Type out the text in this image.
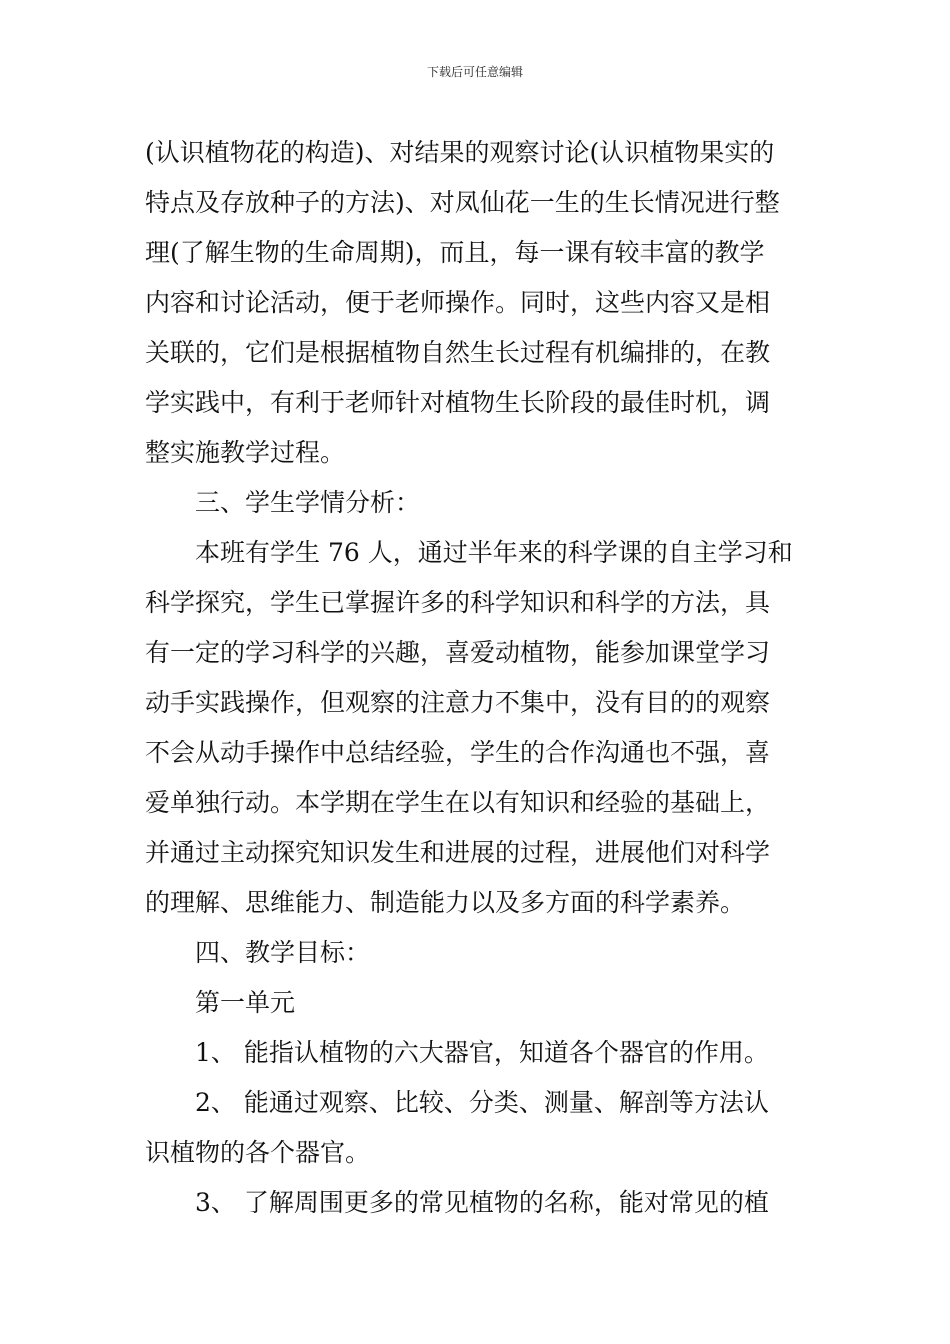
下载后可任意编辑
(认识植物花的构造)、对结果的观察讨论(认识植物果实的
特点及存放种子的方法)、对凤仙花一生的生长情况进行整
理(了解生物的生命周期)，而且，每一课有较丰富的教学
内容和讨论活动，便于老师操作。同时，这些内容又是相
关联的，它们是根据植物自然生长过程有机编排的，在教
学实践中，有利于老师针对植物生长阶段的最佳时机，调
整实施教学过程。
三、学生学情分析：
本班有学生 76 人，通过半年来的科学课的自主学习和
科学探究，学生已掌握许多的科学知识和科学的方法，具
有一定的学习科学的兴趣，喜爱动植物，能参加课堂学习
动手实践操作，但观察的注意力不集中，没有目的的观察
不会从动手操作中总结经验，学生的合作沟通也不强，喜
爱单独行动。本学期在学生在以有知识和经验的基础上，
并通过主动探究知识发生和进展的过程，进展他们对科学
的理解、思维能力、制造能力以及多方面的科学素养。
四、教学目标：
第一单元
1、 能指认植物的六大器官，知道各个器官的作用。
2、 能通过观察、比较、分类、测量、解剖等方法认
识植物的各个器官。
3、 了解周围更多的常见植物的名称，能对常见的植
